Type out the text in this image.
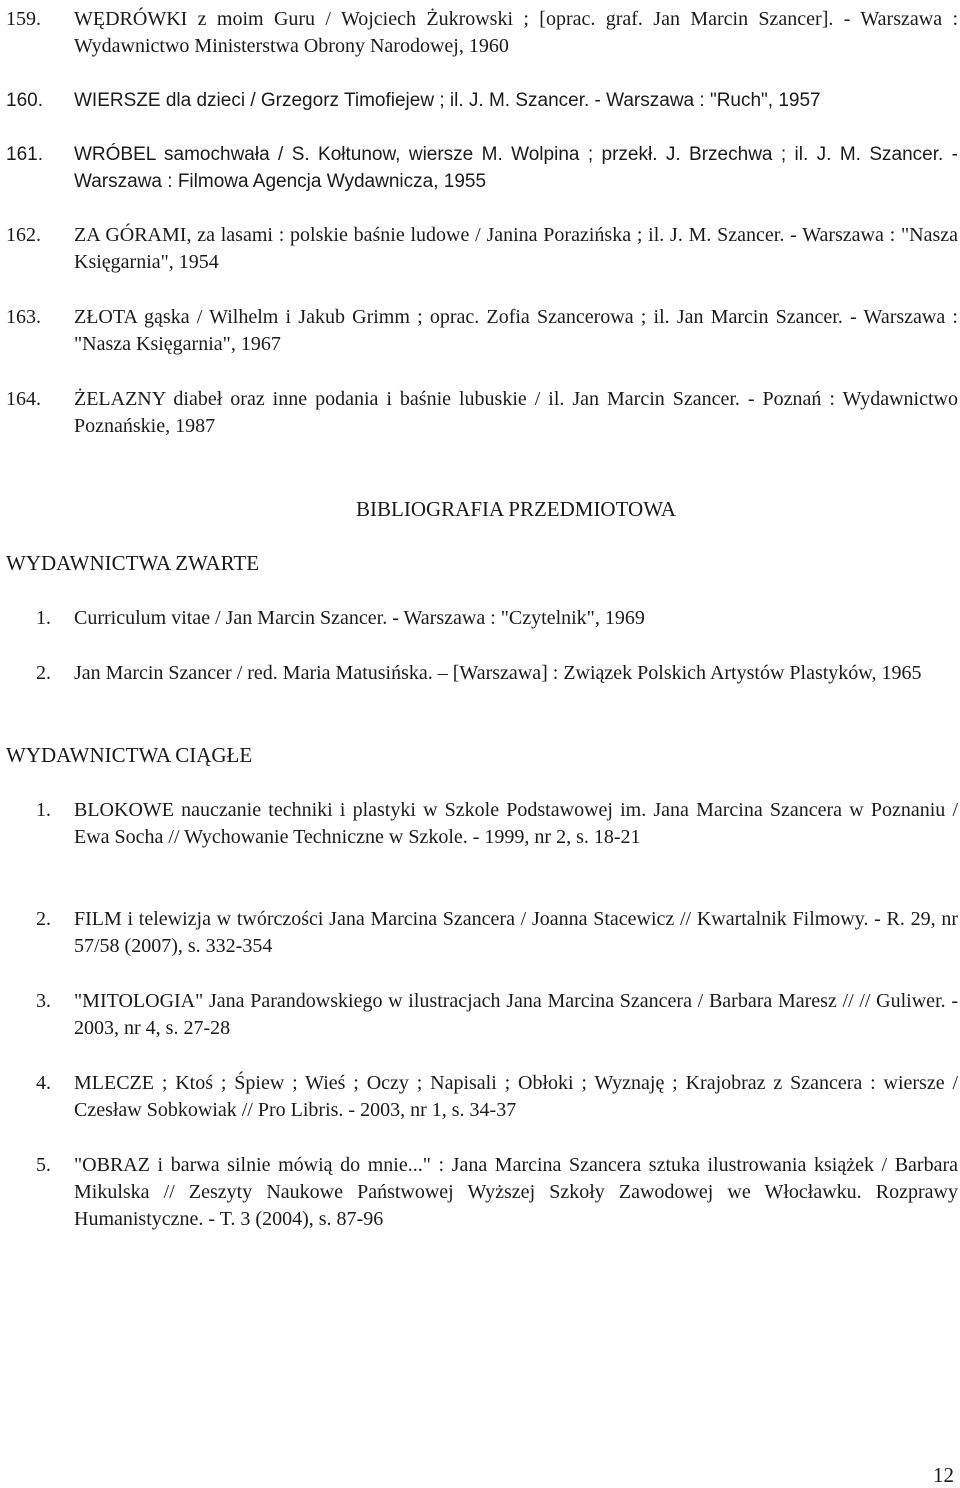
159.	WĘDRÓWKI z moim Guru / Wojciech Żukrowski ; [oprac. graf. Jan Marcin Szancer]. - Warszawa : Wydawnictwo Ministerstwa Obrony Narodowej, 1960
160.	WIERSZE dla dzieci / Grzegorz Timofiejew ; il. J. M. Szancer. - Warszawa : "Ruch", 1957
161.	WRÓBEL samochwała / S. Kołtunow, wiersze M. Wolpina ; przekł. J. Brzechwa ; il. J. M. Szancer. - Warszawa : Filmowa Agencja Wydawnicza, 1955
162.	ZA GÓRAMI, za lasami : polskie baśnie ludowe / Janina Porazińska ; il. J. M. Szancer. - Warszawa : "Nasza Księgarnia", 1954
163.	ZŁOTA gąska / Wilhelm i Jakub Grimm ; oprac. Zofia Szancerowa ; il. Jan Marcin Szancer. - Warszawa : "Nasza Księgarnia", 1967
164.	ŻELAZNY diabeł oraz inne podania i baśnie lubuskie / il. Jan Marcin Szancer. - Poznań : Wydawnictwo Poznańskie, 1987
BIBLIOGRAFIA PRZEDMIOTOWA
WYDAWNICTWA ZWARTE
1.	Curriculum vitae / Jan Marcin Szancer. - Warszawa : "Czytelnik", 1969
2.	Jan Marcin Szancer / red. Maria Matusińska. – [Warszawa] : Związek Polskich Artystów Plastyków, 1965
WYDAWNICTWA CIĄGŁE
1.	BLOKOWE nauczanie techniki i plastyki w Szkole Podstawowej im. Jana Marcina Szancera w Poznaniu / Ewa Socha // Wychowanie Techniczne w Szkole. - 1999, nr 2, s. 18-21
2.	FILM i telewizja w twórczości Jana Marcina Szancera / Joanna Stacewicz // Kwartalnik Filmowy. - R. 29, nr 57/58 (2007), s. 332-354
3.	"MITOLOGIA" Jana Parandowskiego w ilustracjach Jana Marcina Szancera / Barbara Maresz // // Guliwer. - 2003, nr 4, s. 27-28
4.	MLECZE ; Ktoś ; Śpiew ; Wieś ; Oczy ; Napisali ; Obłoki ; Wyznaję ; Krajobraz z Szancera : wiersze / Czesław Sobkowiak // Pro Libris. - 2003, nr 1, s. 34-37
5.	"OBRAZ i barwa silnie mówią do mnie..." : Jana Marcina Szancera sztuka ilustrowania książek / Barbara Mikulska // Zeszyty Naukowe Państwowej Wyższej Szkoły Zawodowej we Włocławku. Rozprawy Humanistyczne. - T. 3 (2004), s. 87-96
12
